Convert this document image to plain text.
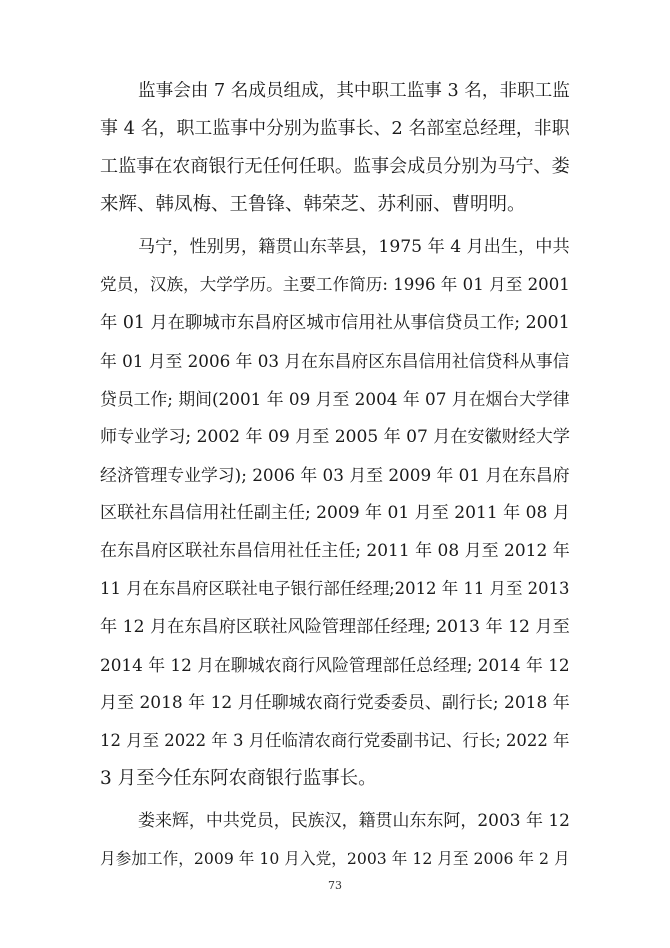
监事会由 7 名成员组成，其中职工监事 3 名，非职工监

事 4 名，职工监事中分别为监事长、2 名部室总经理，非职

工监事在农商银行无任何任职。监事会成员分别为马宁、娄

来辉、韩凤梅、王鲁锋、韩荣芝、苏利丽、曹明明。

马宁，性别男，籍贯山东莘县，1975 年 4 月出生，中共

党员，汉族，大学学历。主要工作简历: 1996 年 01 月至 2001

年 01 月在聊城市东昌府区城市信用社从事信贷员工作; 2001

年 01 月至 2006 年 03 月在东昌府区东昌信用社信贷科从事信

贷员工作; 期间(2001 年 09 月至 2004 年 07 月在烟台大学律

师专业学习; 2002 年 09 月至 2005 年 07 月在安徽财经大学

经济管理专业学习); 2006 年 03 月至 2009 年 01 月在东昌府

区联社东昌信用社任副主任; 2009 年 01 月至 2011 年 08 月

在东昌府区联社东昌信用社任主任; 2011 年 08 月至 2012 年

11 月在东昌府区联社电子银行部任经理;2012 年 11 月至 2013

年 12 月在东昌府区联社风险管理部任经理; 2013 年 12 月至

2014 年 12 月在聊城农商行风险管理部任总经理; 2014 年 12

月至 2018 年 12 月任聊城农商行党委委员、副行长; 2018 年

12 月至 2022 年 3 月任临清农商行党委副书记、行长; 2022 年

3 月至今任东阿农商银行监事长。

娄来辉，中共党员，民族汉，籍贯山东东阿，2003 年 12

月参加工作，2009 年 10 月入党，2003 年 12 月至 2006 年 2 月

73
